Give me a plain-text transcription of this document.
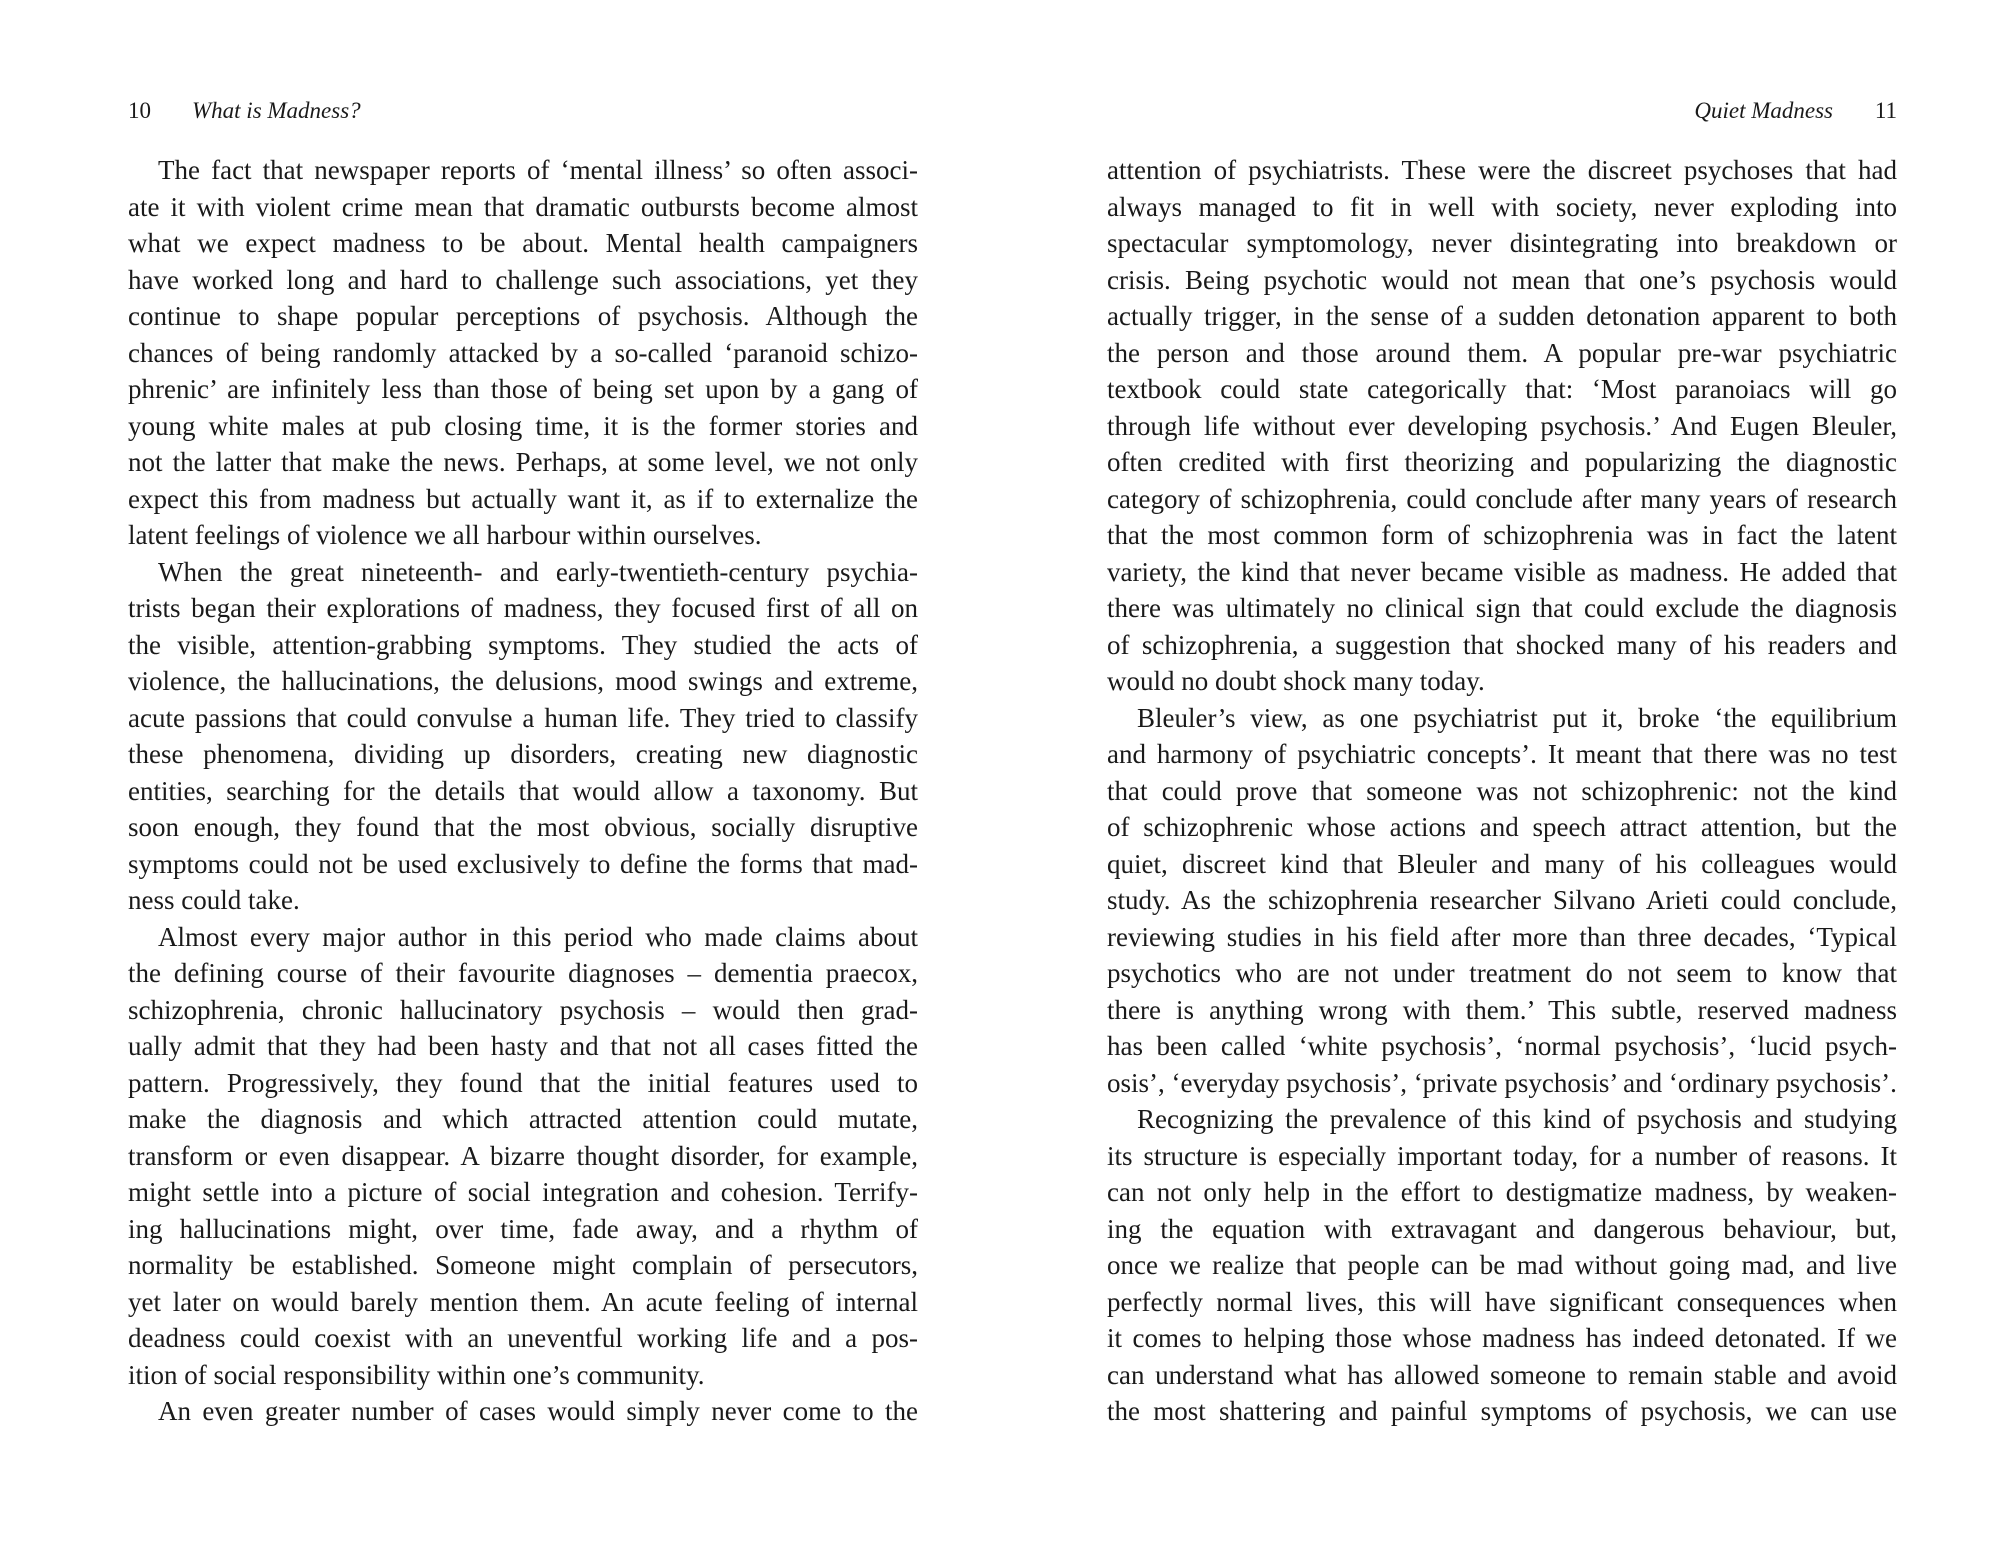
10 What is Madness?
The fact that newspaper reports of ‘mental illness’ so often associ-
ate it with violent crime mean that dramatic outbursts become almost
what we expect madness to be about. Mental health campaigners
have worked long and hard to challenge such associations, yet they
continue to shape popular perceptions of psychosis. Although the
chances of being randomly attacked by a so-called ‘paranoid schizo-
phrenic’ are infinitely less than those of being set upon by a gang of
young white males at pub closing time, it is the former stories and
not the latter that make the news. Perhaps, at some level, we not only
expect this from madness but actually want it, as if to externalize the
latent feelings of violence we all harbour within ourselves.
When the great nineteenth- and early-twentieth-century psychia-
trists began their explorations of madness, they focused first of all on
the visible, attention-grabbing symptoms. They studied the acts of
violence, the hallucinations, the delusions, mood swings and extreme,
acute passions that could convulse a human life. They tried to classify
these phenomena, dividing up disorders, creating new diagnostic
entities, searching for the details that would allow a taxonomy. But
soon enough, they found that the most obvious, socially disruptive
symptoms could not be used exclusively to define the forms that mad-
ness could take.
Almost every major author in this period who made claims about
the defining course of their favourite diagnoses – dementia praecox,
schizophrenia, chronic hallucinatory psychosis – would then grad-
ually admit that they had been hasty and that not all cases fitted the
pattern. Progressively, they found that the initial features used to
make the diagnosis and which attracted attention could mutate,
transform or even disappear. A bizarre thought disorder, for example,
might settle into a picture of social integration and cohesion. Terrify-
ing hallucinations might, over time, fade away, and a rhythm of
normality be established. Someone might complain of persecutors,
yet later on would barely mention them. An acute feeling of internal
deadness could coexist with an uneventful working life and a pos-
ition of social responsibility within one’s community.
An even greater number of cases would simply never come to the
Quiet Madness 11
attention of psychiatrists. These were the discreet psychoses that had
always managed to fit in well with society, never exploding into
spectacular symptomology, never disintegrating into breakdown or
crisis. Being psychotic would not mean that one’s psychosis would
actually trigger, in the sense of a sudden detonation apparent to both
the person and those around them. A popular pre-war psychiatric
textbook could state categorically that: ‘Most paranoiacs will go
through life without ever developing psychosis.’ And Eugen Bleuler,
often credited with first theorizing and popularizing the diagnostic
category of schizophrenia, could conclude after many years of research
that the most common form of schizophrenia was in fact the latent
variety, the kind that never became visible as madness. He added that
there was ultimately no clinical sign that could exclude the diagnosis
of schizophrenia, a suggestion that shocked many of his readers and
would no doubt shock many today.
Bleuler’s view, as one psychiatrist put it, broke ‘the equilibrium
and harmony of psychiatric concepts’. It meant that there was no test
that could prove that someone was not schizophrenic: not the kind
of schizophrenic whose actions and speech attract attention, but the
quiet, discreet kind that Bleuler and many of his colleagues would
study. As the schizophrenia researcher Silvano Arieti could conclude,
reviewing studies in his field after more than three decades, ‘Typical
psychotics who are not under treatment do not seem to know that
there is anything wrong with them.’ This subtle, reserved madness
has been called ‘white psychosis’, ‘normal psychosis’, ‘lucid psych-
osis’, ‘everyday psychosis’, ‘private psychosis’ and ‘ordinary psychosis’.
Recognizing the prevalence of this kind of psychosis and studying
its structure is especially important today, for a number of reasons. It
can not only help in the effort to destigmatize madness, by weaken-
ing the equation with extravagant and dangerous behaviour, but,
once we realize that people can be mad without going mad, and live
perfectly normal lives, this will have significant consequences when
it comes to helping those whose madness has indeed detonated. If we
can understand what has allowed someone to remain stable and avoid
the most shattering and painful symptoms of psychosis, we can use
